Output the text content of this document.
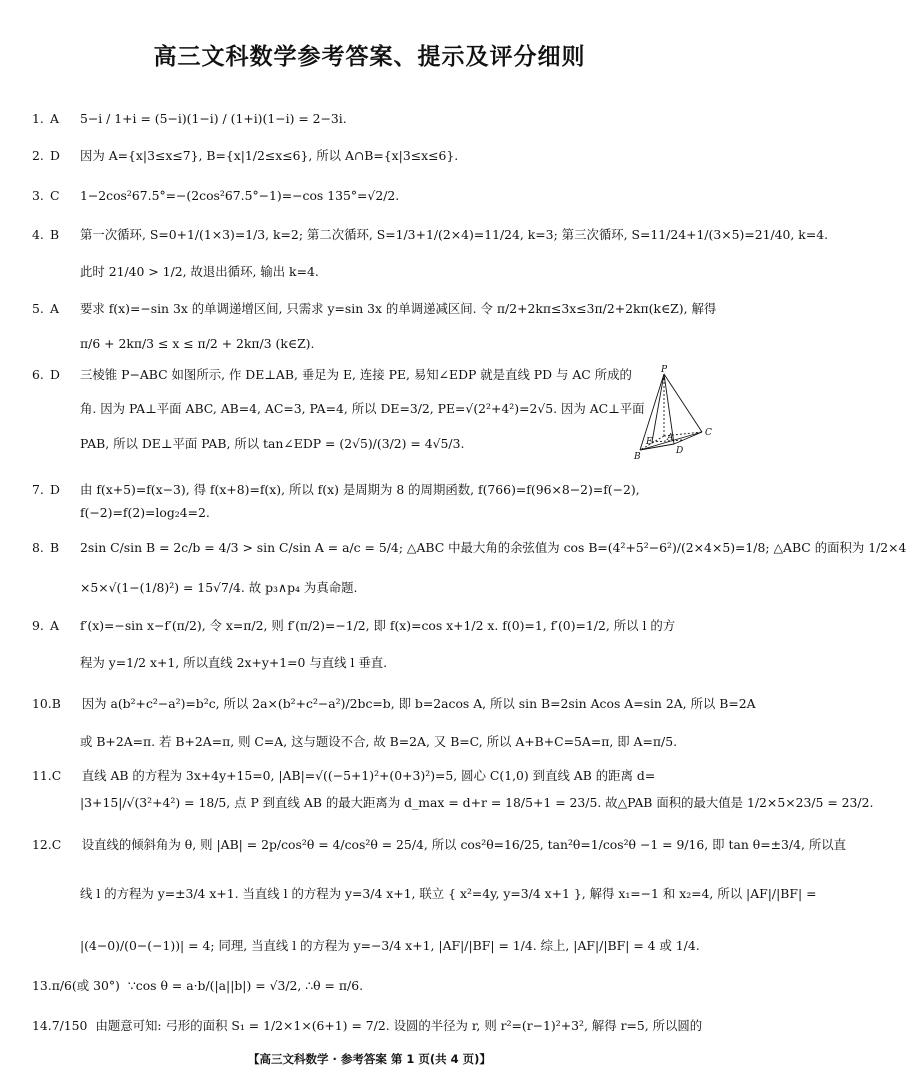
高三文科数学参考答案、提示及评分细则
1. A 5−i / 1+i = (5−i)(1−i) / (1+i)(1−i) = 2−3i.
2. D 因为 A={x|3≤x≤7}, B={x|1/2≤x≤6}, 所以 A∩B={x|3≤x≤6}.
3. C 1−2cos²67.5°=−(2cos²67.5°−1)=−cos 135°=√2/2.
4. B 第一次循环, S=0+1/(1×3)=1/3, k=2; 第二次循环, S=1/3+1/(2×4)=11/24, k=3; 第三次循环, S=11/24+1/(3×5)=21/40, k=4.
此时 21/40 > 1/2, 故退出循环, 输出 k=4.
5. A 要求 f(x)=−sin 3x 的单调递增区间, 只需求 y=sin 3x 的单调递减区间. 令 π/2+2kπ≤3x≤3π/2+2kπ(k∈Z), 解得
π/6 + 2kπ/3 ≤ x ≤ π/2 + 2kπ/3 (k∈Z).
6. D 三棱锥 P−ABC 如图所示, 作 DE⊥AB, 垂足为 E, 连接 PE, 易知∠EDP 就是直线 PD 与 AC 所成的
角. 因为 PA⊥平面 ABC, AB=4, AC=3, PA=4, 所以 DE=3/2, PE=√(2²+4²)=2√5. 因为 AC⊥平面
PAB, 所以 DE⊥平面 PAB, 所以 tan∠EDP = (2√5)/(3/2) = 4√5/3.
7. D 由 f(x+5)=f(x−3), 得 f(x+8)=f(x), 所以 f(x) 是周期为 8 的周期函数, f(766)=f(96×8−2)=f(−2),
f(−2)=f(2)=log₂4=2.
8. B 2sin C/sin B = 2c/b = 4/3 > sin C/sin A = a/c = 5/4; △ABC 中最大角的余弦值为 cos B=(4²+5²−6²)/(2×4×5)=1/8; △ABC 的面积为 1/2×4
×5×√(1−(1/8)²) = 15√7/4. 故 p₃∧p₄ 为真命题.
9. A f′(x)=−sin x−f′(π/2), 令 x=π/2, 则 f′(π/2)=−1/2, 即 f(x)=cos x+1/2 x. f(0)=1, f′(0)=1/2, 所以 l 的方
程为 y=1/2 x+1, 所以直线 2x+y+1=0 与直线 l 垂直.
10.B 因为 a(b²+c²−a²)=b²c, 所以 2a×(b²+c²−a²)/2bc=b, 即 b=2acos A, 所以 sin B=2sin Acos A=sin 2A, 所以 B=2A
或 B+2A=π. 若 B+2A=π, 则 C=A, 这与题设不合, 故 B=2A, 又 B=C, 所以 A+B+C=5A=π, 即 A=π/5.
11.C 直线 AB 的方程为 3x+4y+15=0, |AB|=√((−5+1)²+(0+3)²)=5, 圆心 C(1,0) 到直线 AB 的距离 d=
|3+15|/√(3²+4²) = 18/5, 点 P 到直线 AB 的最大距离为 d_max = d+r = 18/5+1 = 23/5. 故△PAB 面积的最大值是 1/2×5×23/5 = 23/2.
12.C 设直线的倾斜角为 θ, 则 |AB| = 2p/cos²θ = 4/cos²θ = 25/4, 所以 cos²θ=16/25, tan²θ=1/cos²θ −1 = 9/16, 即 tan θ=±3/4, 所以直
线 l 的方程为 y=±3/4 x+1. 当直线 l 的方程为 y=3/4 x+1, 联立 { x²=4y, y=3/4 x+1 }, 解得 x₁=−1 和 x₂=4, 所以 |AF|/|BF| =
|(4−0)/(0−(−1))| = 4; 同理, 当直线 l 的方程为 y=−3/4 x+1, |AF|/|BF| = 1/4. 综上, |AF|/|BF| = 4 或 1/4.
13.π/6(或 30°) ∵cos θ = a·b/(|a||b|) = √3/2, ∴θ = π/6.
14.7/150 由题意可知: 弓形的面积 S₁ = 1/2×1×(6+1) = 7/2. 设圆的半径为 r, 则 r²=(r−1)²+3², 解得 r=5, 所以圆的
P
A
E
B
D
C
【高三文科数学 · 参考答案 第 1 页(共 4 页)】
